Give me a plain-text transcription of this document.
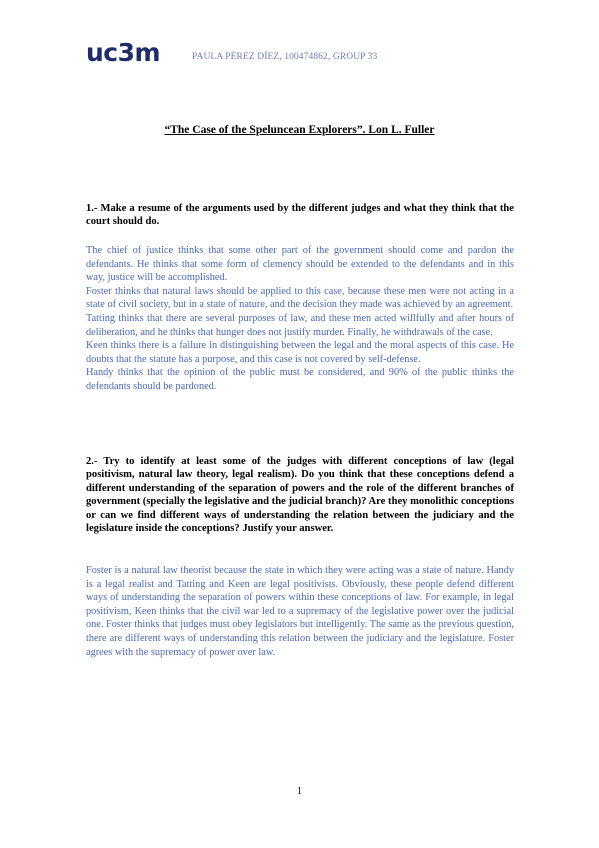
uc3m	PAULA PÉREZ DÍEZ, 100474862, GROUP 33
“The Case of the Speluncean Explorers”. Lon L. Fuller

1.- Make a resume of the arguments used by the different judges and what they think that the court should do.

The chief of justice thinks that some other part of the government should come and pardon the defendants. He thinks that some form of clemency should be extended to the defendants and in this way, justice will be accomplished.

Foster thinks that natural laws should be applied to this case, because these men were not acting in a state of civil society, but in a state of nature, and the decision they made was achieved by an agreement.

Tatting thinks that there are several purposes of law, and these men acted willfully and after hours of deliberation, and he thinks that hunger does not justify murder. Finally, he withdrawals of the case.

Keen thinks there is a failure in distinguishing between the legal and the moral aspects of this case. He doubts that the statute has a purpose, and this case is not covered by self-defense.

Handy thinks that the opinion of the public must be considered, and 90% of the public thinks the defendants should be pardoned.

2.- Try to identify at least some of the judges with different conceptions of law (legal positivism, natural law theory, legal realism). Do you think that these conceptions defend a different understanding of the separation of powers and the role of the different branches of government (specially the legislative and the judicial branch)? Are they monolithic conceptions or can we find different ways of understanding the relation between the judiciary and the legislature inside the conceptions? Justify your answer.

Foster is a natural law theorist because the state in which they were acting was a state of nature. Handy is a legal realist and Tatting and Keen are legal positivists. Obviously, these people defend different ways of understanding the separation of powers within these conceptions of law. For example, in legal positivism, Keen thinks that the civil war led to a supremacy of the legislative power over the judicial one. Foster thinks that judges must obey legislators but intelligently. The same as the previous question, there are different ways of understanding this relation between the judiciary and the legislature. Foster agrees with the supremacy of power over law.

1
